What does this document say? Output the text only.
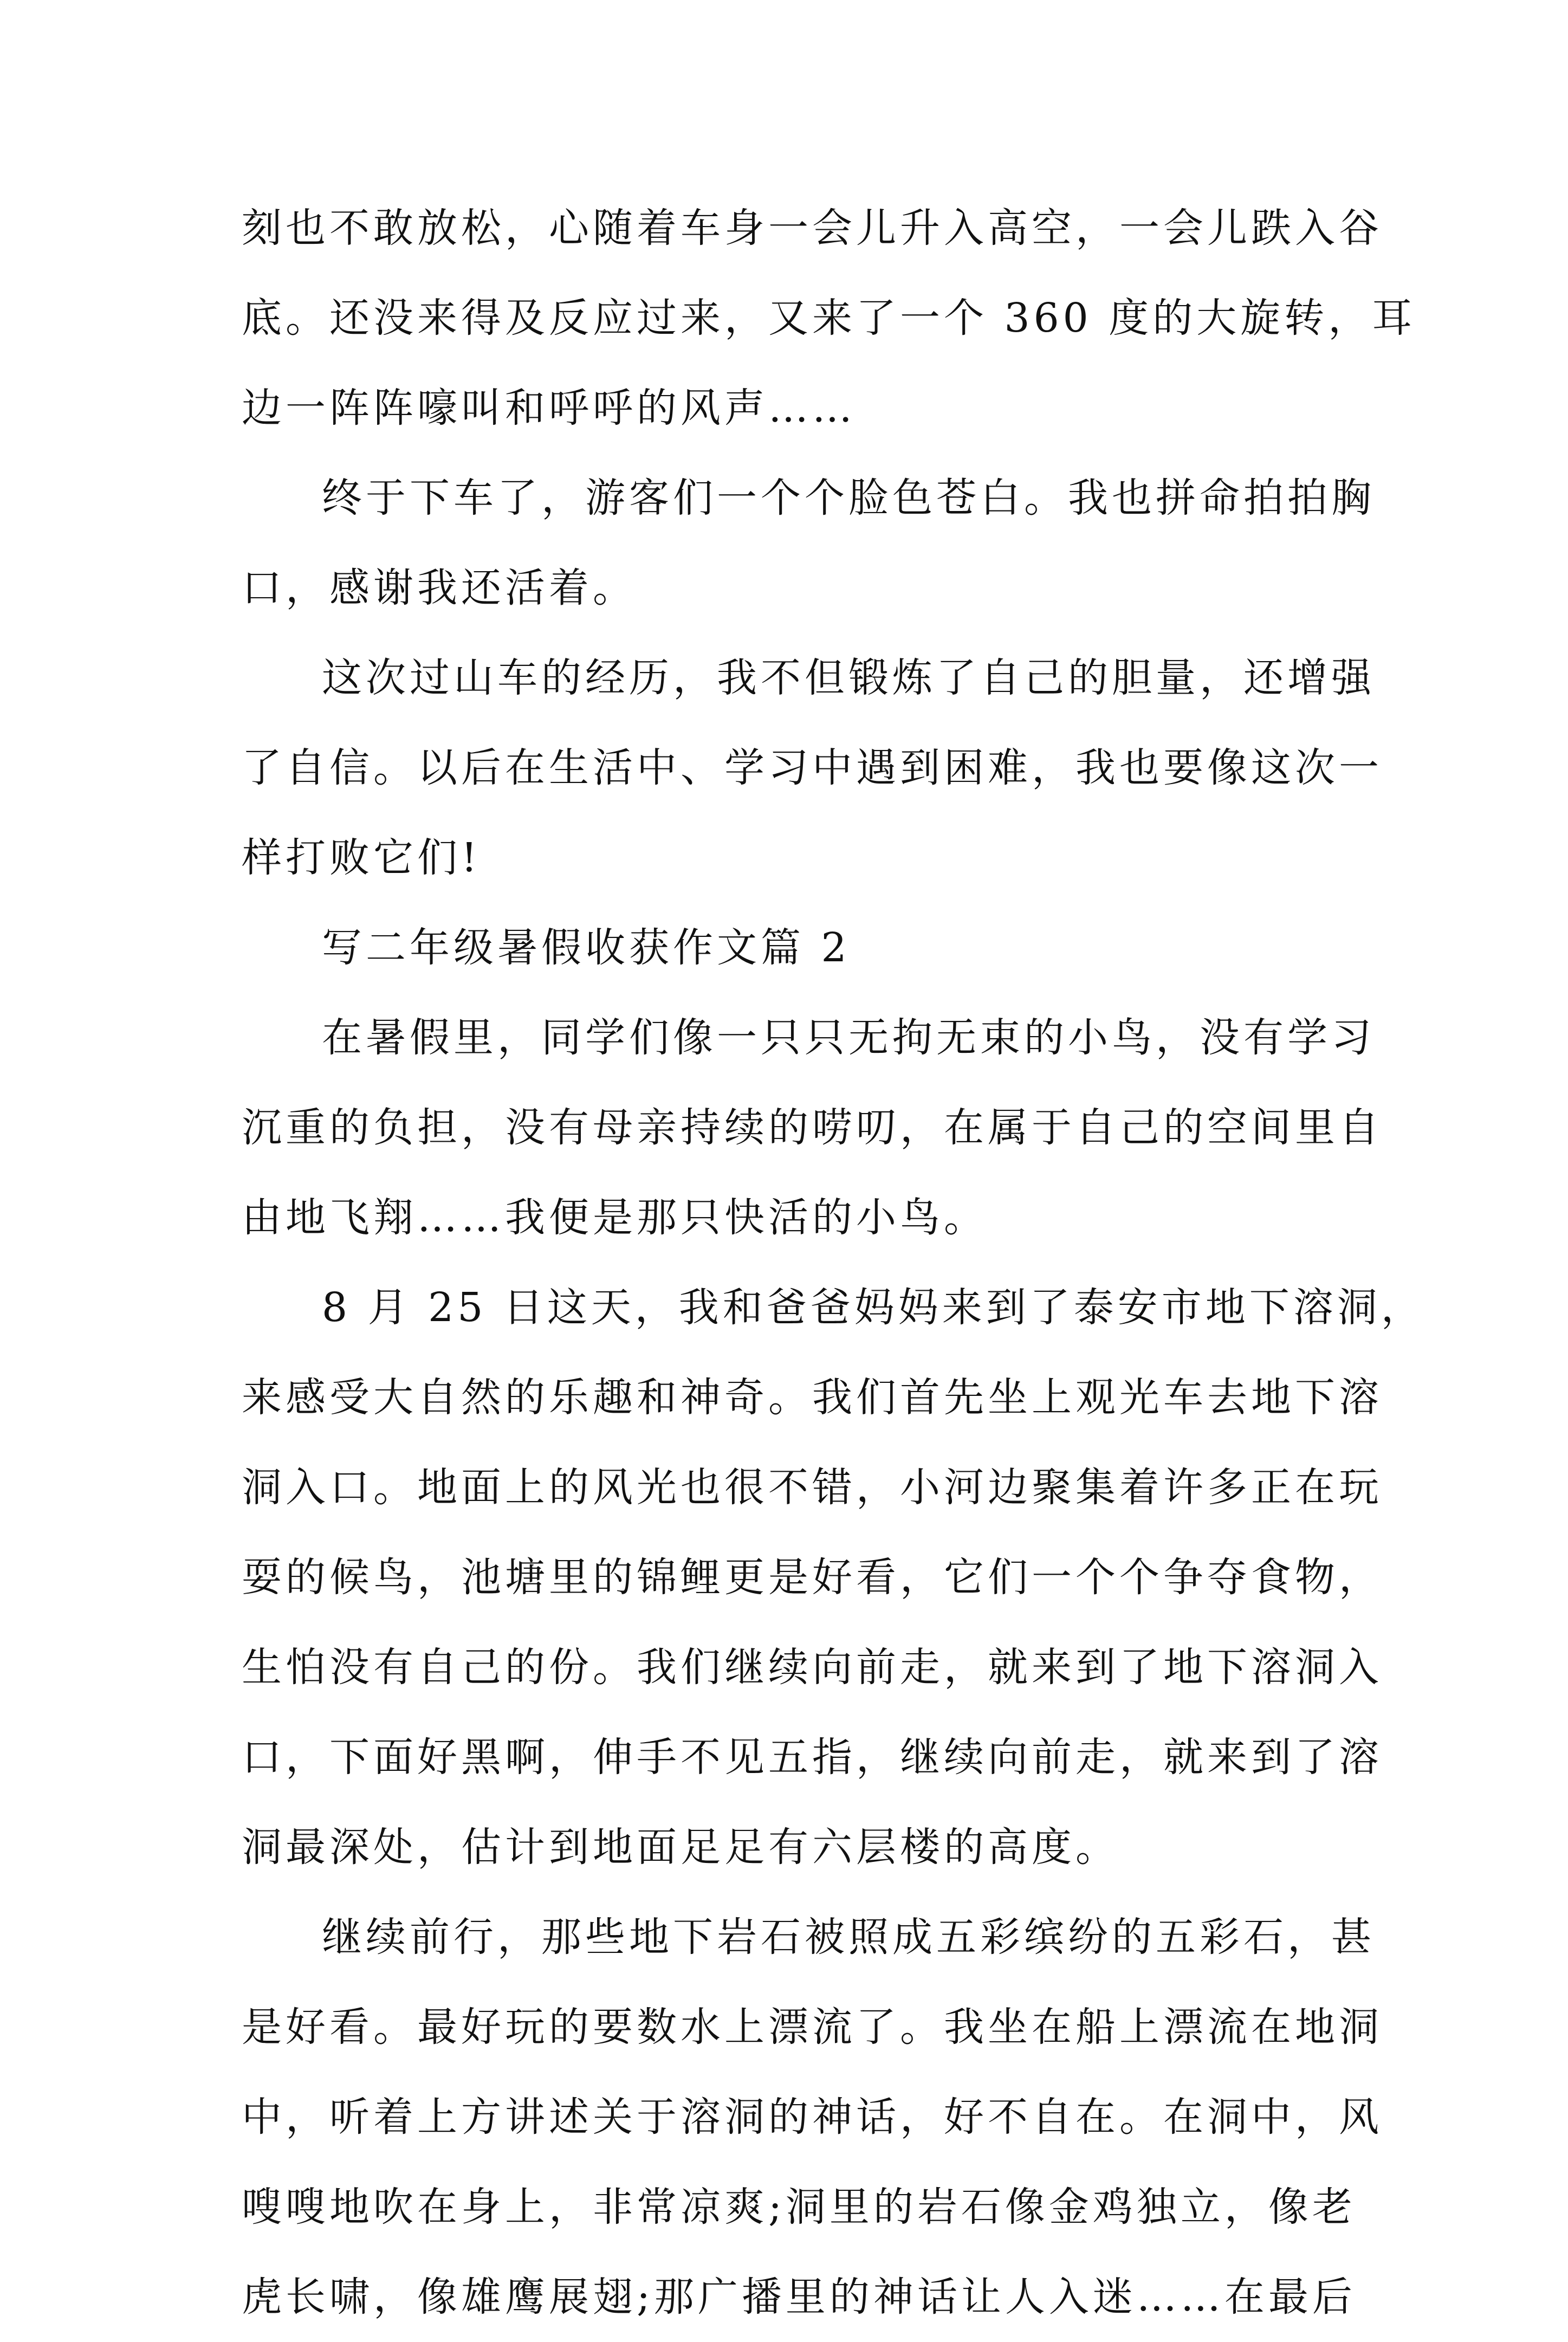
刻也不敢放松，心随着车身一会儿升入高空，一会儿跌入谷
底。还没来得及反应过来，又来了一个 360 度的大旋转，耳
边一阵阵嚎叫和呼呼的风声……
终于下车了，游客们一个个脸色苍白。我也拼命拍拍胸
口，感谢我还活着。
这次过山车的经历，我不但锻炼了自己的胆量，还增强
了自信。以后在生活中、学习中遇到困难，我也要像这次一
样打败它们!
写二年级暑假收获作文篇 2
在暑假里，同学们像一只只无拘无束的小鸟，没有学习
沉重的负担，没有母亲持续的唠叨，在属于自己的空间里自
由地飞翔……我便是那只快活的小鸟。
8 月 25 日这天，我和爸爸妈妈来到了泰安市地下溶洞，
来感受大自然的乐趣和神奇。我们首先坐上观光车去地下溶
洞入口。地面上的风光也很不错，小河边聚集着许多正在玩
耍的候鸟，池塘里的锦鲤更是好看，它们一个个争夺食物，
生怕没有自己的份。我们继续向前走，就来到了地下溶洞入
口，下面好黑啊，伸手不见五指，继续向前走，就来到了溶
洞最深处，估计到地面足足有六层楼的高度。
继续前行，那些地下岩石被照成五彩缤纷的五彩石，甚
是好看。最好玩的要数水上漂流了。我坐在船上漂流在地洞
中，听着上方讲述关于溶洞的神话，好不自在。在洞中，风
嗖嗖地吹在身上，非常凉爽;洞里的岩石像金鸡独立，像老
虎长啸，像雄鹰展翅;那广播里的神话让人入迷……在最后
